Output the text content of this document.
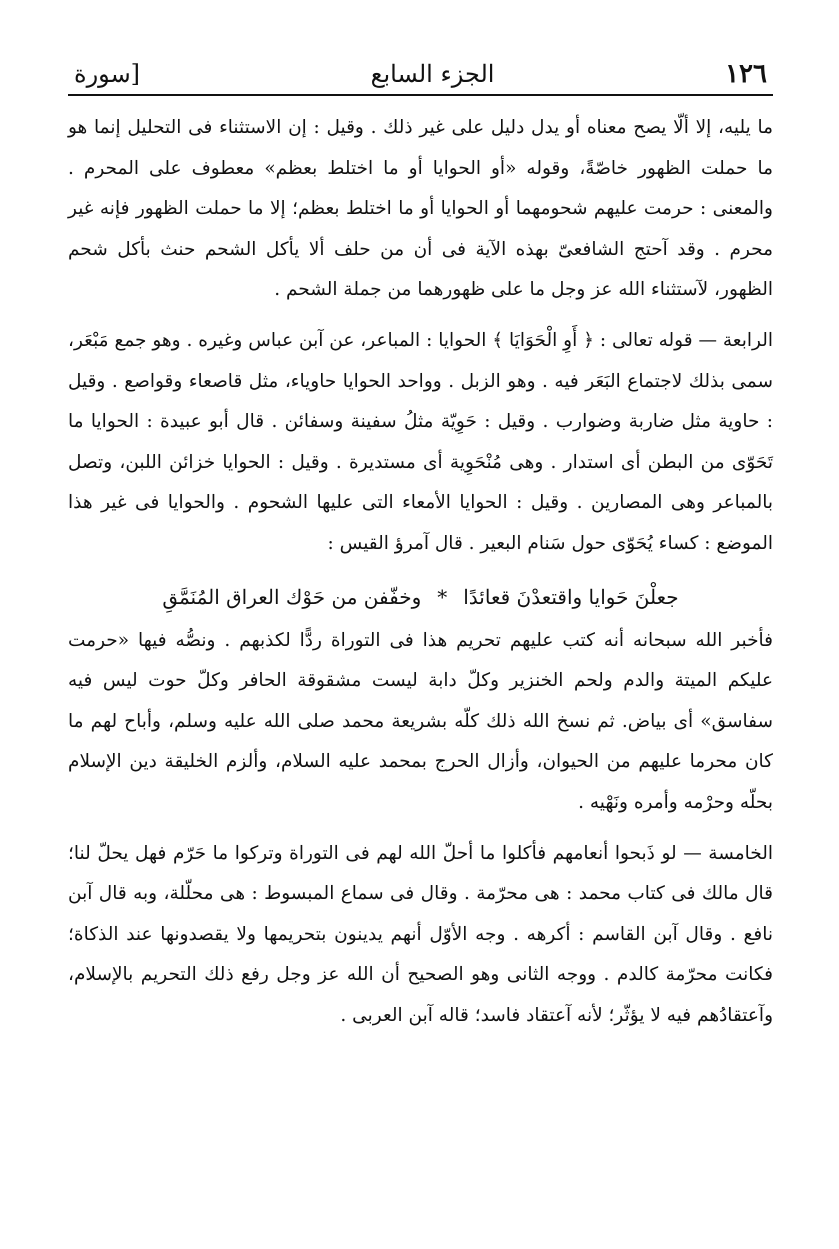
١٢٦
الجزء السابع
[سورة

ما يليه، إلا ألّا يصح معناه أو يدل دليل على غير ذلك . وقيل : إن الاستثناء فى التحليل إنما هو ما حملت الظهور خاصّةً، وقوله «أو الحوايا أو ما اختلط بعظم» معطوف على المحرم . والمعنى : حرمت عليهم شحومهما أو الحوايا أو ما اختلط بعظم؛ إلا ما حملت الظهور فإنه غير محرم . وقد آحتج الشافعىّ بهذه الآية فى أن من حلف ألا يأكل الشحم حنث بأكل شحم الظهور، لآستثناء الله عز وجل ما على ظهورهما من جملة الشحم .

الرابعة — قوله تعالى : ﴿ أَوِ الْحَوَايَا ﴾ الحوايا : المباعر، عن آبن عباس وغيره . وهو جمع مَبْعَر، سمى بذلك لاجتماع البَعَر فيه . وهو الزبل . وواحد الحوايا حاوياء، مثل قاصعاء وقواصع . وقيل : حاوية مثل ضاربة وضوارب . وقيل : حَوِيّة مثلُ سفينة وسفائن . قال أبو عبيدة : الحوايا ما تَحَوّى من البطن أى استدار . وهى مُنْحَوِية أى مستديرة . وقيل : الحوايا خزائن اللبن، وتصل بالمباعر وهى المصارين . وقيل : الحوايا الأمعاء التى عليها الشحوم . والحوايا فى غير هذا الموضع : كساء يُحَوّى حول سَنام البعير . قال آمرؤ القيس :

جعلْنَ حَوايا واقتعدْنَ قعائدًا*وخفّفن من حَوْك العراق المُنَمَّقِ

فأخبر الله سبحانه أنه كتب عليهم تحريم هذا فى التوراة ردًّا لكذبهم . ونصُّه فيها «حرمت عليكم الميتة والدم ولحم الخنزير وكلّ دابة ليست مشقوقة الحافر وكلّ حوت ليس فيه سفاسق» أى بياض. ثم نسخ الله ذلك كلّه بشريعة محمد صلى الله عليه وسلم، وأباح لهم ما كان محرما عليهم من الحيوان، وأزال الحرج بمحمد عليه السلام، وألزم الخليقة دين الإسلام بحلّه وحرْمه وأمره ونَهْيه .

الخامسة — لو ذَبحوا أنعامهم فأكلوا ما أحلّ الله لهم فى التوراة وتركوا ما حَرّم فهل يحلّ لنا؛ قال مالك فى كتاب محمد : هى محرّمة . وقال فى سماع المبسوط : هى محلّلة، وبه قال آبن نافع . وقال آبن القاسم : أكرهه . وجه الأوّل أنهم يدينون بتحريمها ولا يقصدونها عند الذكاة؛ فكانت محرّمة كالدم . ووجه الثانى وهو الصحيح أن الله عز وجل رفع ذلك التحريم بالإسلام، وآعتقادُهم فيه لا يؤثّر؛ لأنه آعتقاد فاسد؛ قاله آبن العربى .
